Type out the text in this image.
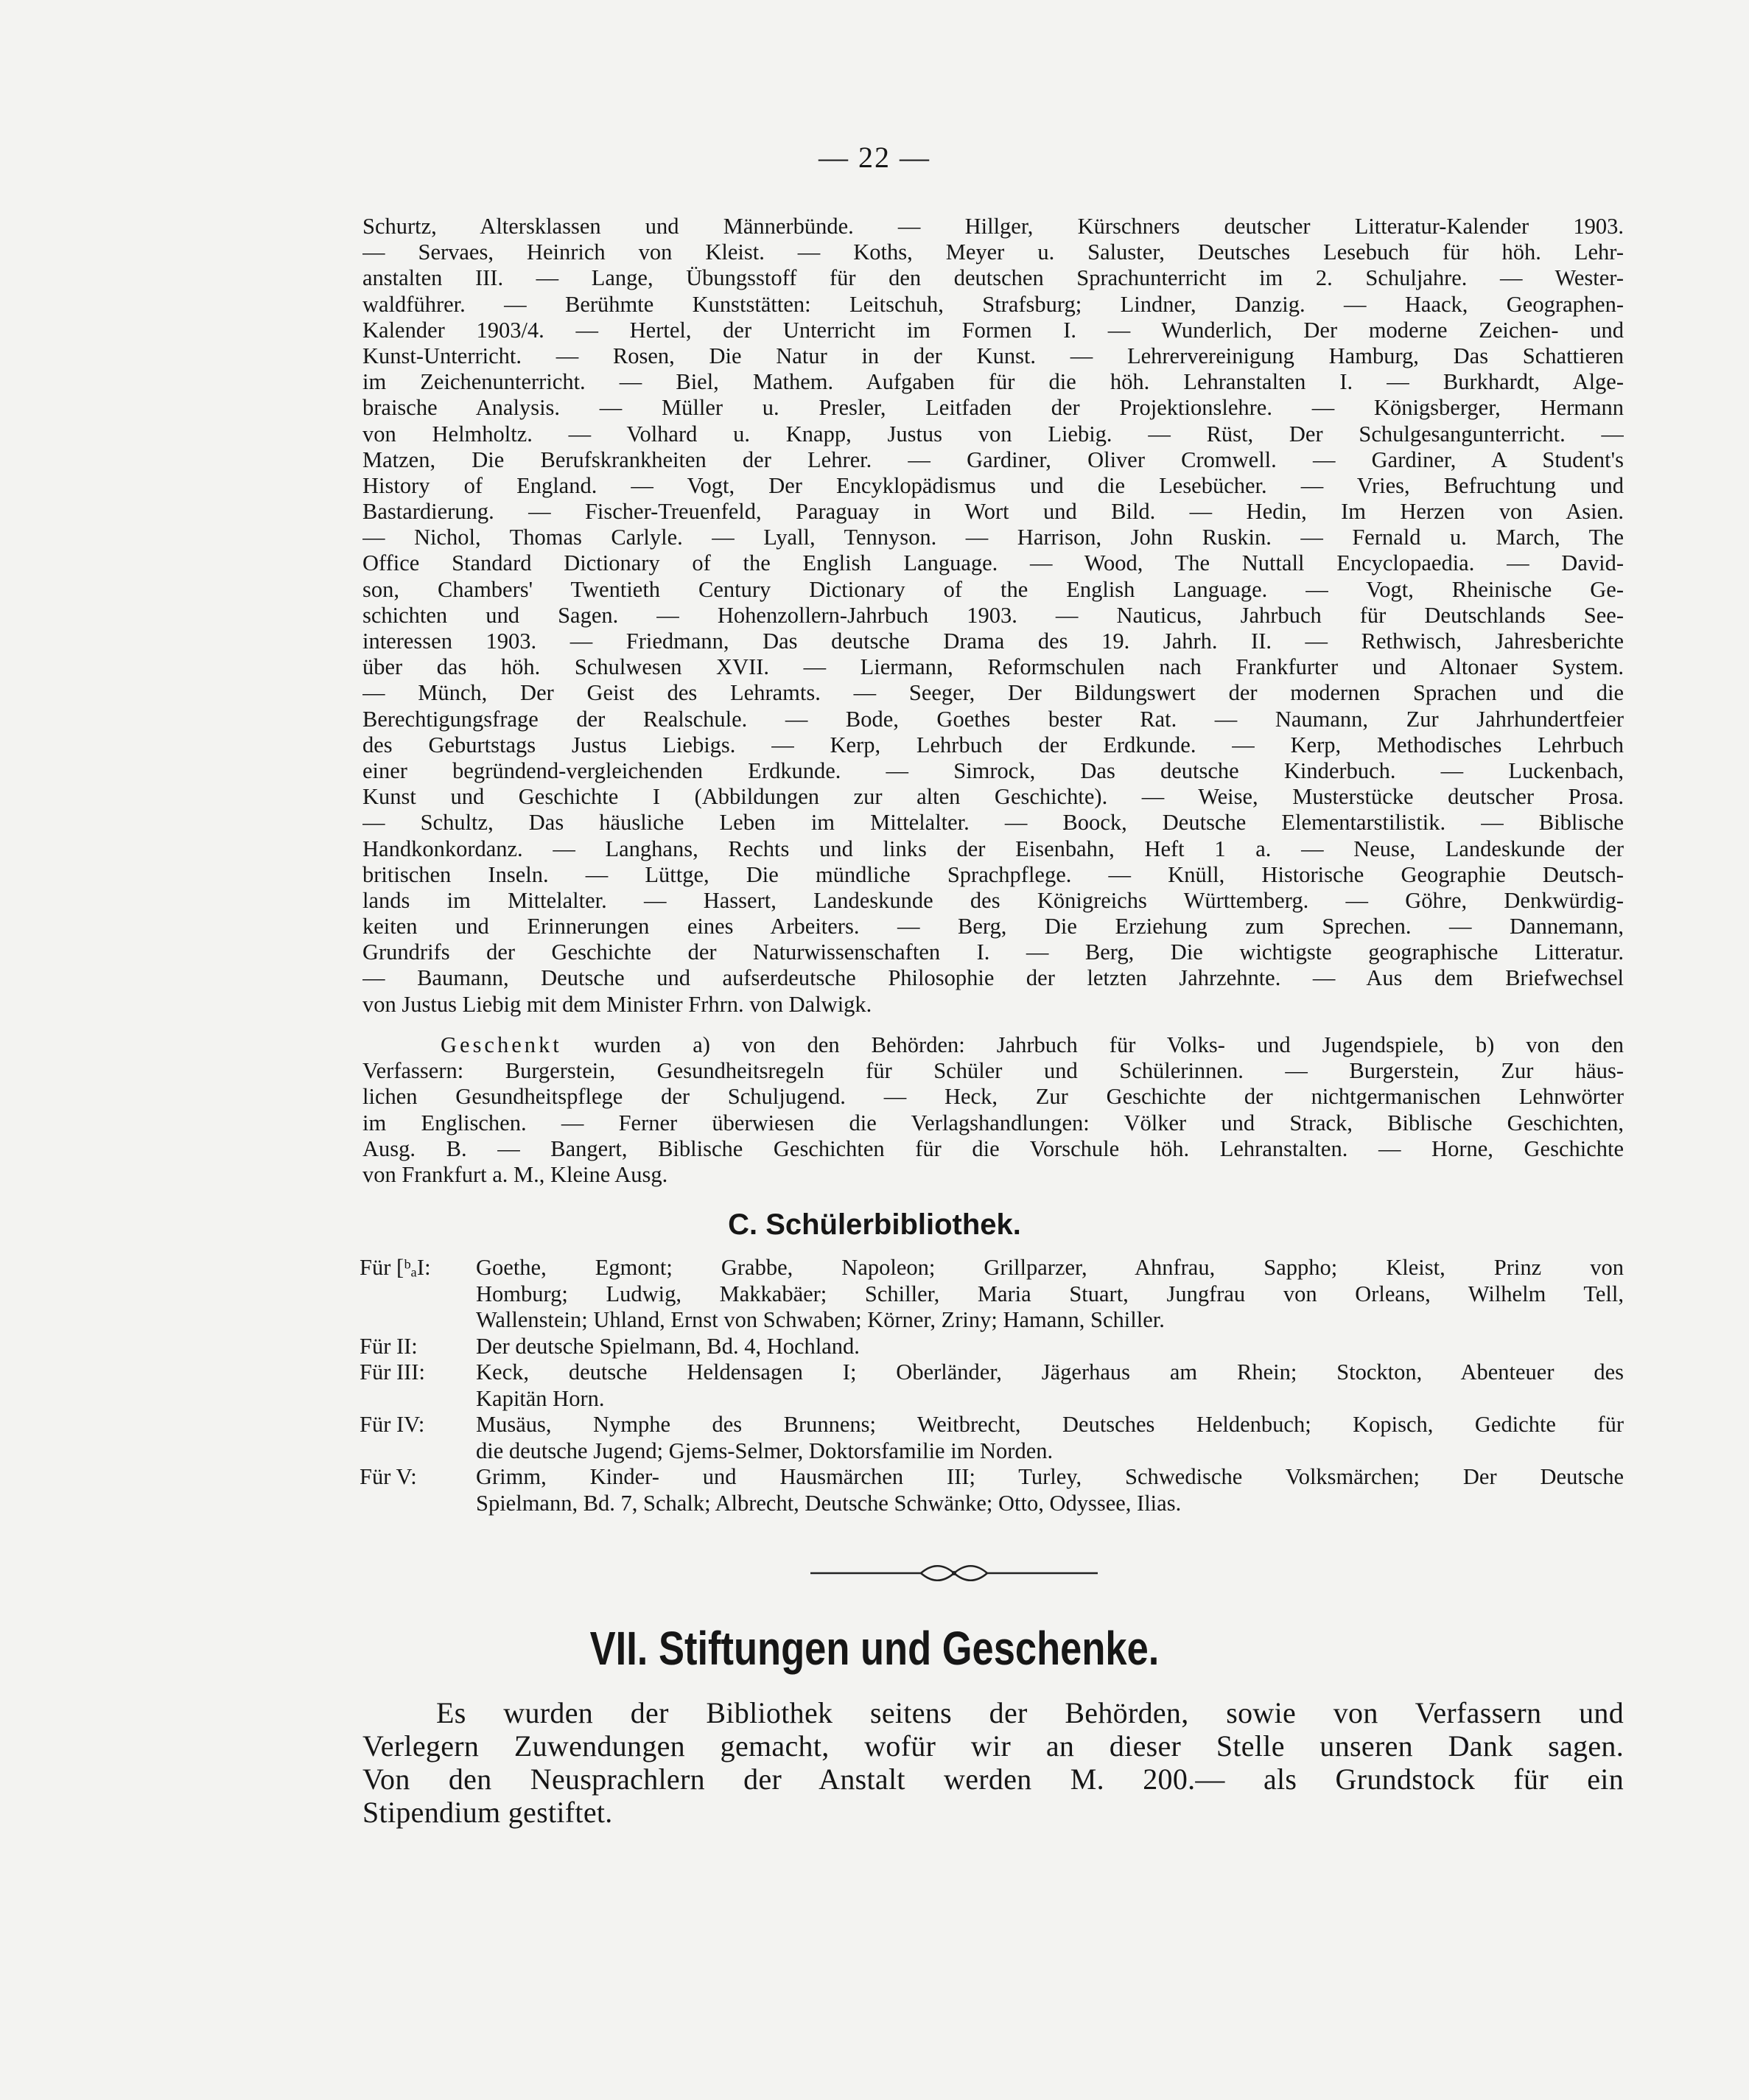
— 22 —
Schurtz, Altersklassen und Männerbünde. — Hillger, Kürschners deutscher Litteratur-Kalender 1903.
— Servaes, Heinrich von Kleist. — Koths, Meyer u. Saluster, Deutsches Lesebuch für höh. Lehr-
anstalten III. — Lange, Übungsstoff für den deutschen Sprachunterricht im 2. Schuljahre. — Wester-
waldführer. — Berühmte Kunststätten: Leitschuh, Strafsburg; Lindner, Danzig. — Haack, Geographen-
Kalender 1903/4. — Hertel, der Unterricht im Formen I. — Wunderlich, Der moderne Zeichen- und
Kunst-Unterricht. — Rosen, Die Natur in der Kunst. — Lehrervereinigung Hamburg, Das Schattieren
im Zeichenunterricht. — Biel, Mathem. Aufgaben für die höh. Lehranstalten I. — Burkhardt, Alge-
braische Analysis. — Müller u. Presler, Leitfaden der Projektionslehre. — Königsberger, Hermann
von Helmholtz. — Volhard u. Knapp, Justus von Liebig. — Rüst, Der Schulgesangunterricht. —
Matzen, Die Berufskrankheiten der Lehrer. — Gardiner, Oliver Cromwell. — Gardiner, A Student's
History of England. — Vogt, Der Encyklopädismus und die Lesebücher. — Vries, Befruchtung und
Bastardierung. — Fischer-Treuenfeld, Paraguay in Wort und Bild. — Hedin, Im Herzen von Asien.
— Nichol, Thomas Carlyle. — Lyall, Tennyson. — Harrison, John Ruskin. — Fernald u. March, The
Office Standard Dictionary of the English Language. — Wood, The Nuttall Encyclopaedia. — David-
son, Chambers' Twentieth Century Dictionary of the English Language. — Vogt, Rheinische Ge-
schichten und Sagen. — Hohenzollern-Jahrbuch 1903. — Nauticus, Jahrbuch für Deutschlands See-
interessen 1903. — Friedmann, Das deutsche Drama des 19. Jahrh. II. — Rethwisch, Jahresberichte
über das höh. Schulwesen XVII. — Liermann, Reformschulen nach Frankfurter und Altonaer System.
— Münch, Der Geist des Lehramts. — Seeger, Der Bildungswert der modernen Sprachen und die
Berechtigungsfrage der Realschule. — Bode, Goethes bester Rat. — Naumann, Zur Jahrhundertfeier
des Geburtstags Justus Liebigs. — Kerp, Lehrbuch der Erdkunde. — Kerp, Methodisches Lehrbuch
einer begründend-vergleichenden Erdkunde. — Simrock, Das deutsche Kinderbuch. — Luckenbach,
Kunst und Geschichte I (Abbildungen zur alten Geschichte). — Weise, Musterstücke deutscher Prosa.
— Schultz, Das häusliche Leben im Mittelalter. — Boock, Deutsche Elementarstilistik. — Biblische
Handkonkordanz. — Langhans, Rechts und links der Eisenbahn, Heft 1 a. — Neuse, Landeskunde der
britischen Inseln. — Lüttge, Die mündliche Sprachpflege. — Knüll, Historische Geographie Deutsch-
lands im Mittelalter. — Hassert, Landeskunde des Königreichs Württemberg. — Göhre, Denkwürdig-
keiten und Erinnerungen eines Arbeiters. — Berg, Die Erziehung zum Sprechen. — Dannemann,
Grundrifs der Geschichte der Naturwissenschaften I. — Berg, Die wichtigste geographische Litteratur.
— Baumann, Deutsche und aufserdeutsche Philosophie der letzten Jahrzehnte. — Aus dem Briefwechsel
von Justus Liebig mit dem Minister Frhrn. von Dalwigk.
Geschenkt wurden a) von den Behörden: Jahrbuch für Volks- und Jugendspiele, b) von den
Verfassern: Burgerstein, Gesundheitsregeln für Schüler und Schülerinnen. — Burgerstein, Zur häus-
lichen Gesundheitspflege der Schuljugend. — Heck, Zur Geschichte der nichtgermanischen Lehnwörter
im Englischen. — Ferner überwiesen die Verlagshandlungen: Völker und Strack, Biblische Geschichten,
Ausg. B. — Bangert, Biblische Geschichten für die Vorschule höh. Lehranstalten. — Horne, Geschichte
von Frankfurt a. M., Kleine Ausg.
C. Schülerbibliothek.
Für [ᵇₐI:	Goethe, Egmont; Grabbe, Napoleon; Grillparzer, Ahnfrau, Sappho; Kleist, Prinz von
Homburg; Ludwig, Makkabäer; Schiller, Maria Stuart, Jungfrau von Orleans, Wilhelm Tell,
Wallenstein; Uhland, Ernst von Schwaben; Körner, Zriny; Hamann, Schiller.
Für II:	Der deutsche Spielmann, Bd. 4, Hochland.
Für III:	Keck, deutsche Heldensagen I; Oberländer, Jägerhaus am Rhein; Stockton, Abenteuer des
Kapitän Horn.
Für IV:	Musäus, Nymphe des Brunnens; Weitbrecht, Deutsches Heldenbuch; Kopisch, Gedichte für
die deutsche Jugend; Gjems-Selmer, Doktorsfamilie im Norden.
Für V:	Grimm, Kinder- und Hausmärchen III; Turley, Schwedische Volksmärchen; Der Deutsche
Spielmann, Bd. 7, Schalk; Albrecht, Deutsche Schwänke; Otto, Odyssee, Ilias.
VII. Stiftungen und Geschenke.
Es wurden der Bibliothek seitens der Behörden, sowie von Verfassern und
Verlegern Zuwendungen gemacht, wofür wir an dieser Stelle unseren Dank sagen.
Von den Neusprachlern der Anstalt werden M. 200.— als Grundstock für ein
Stipendium gestiftet.
